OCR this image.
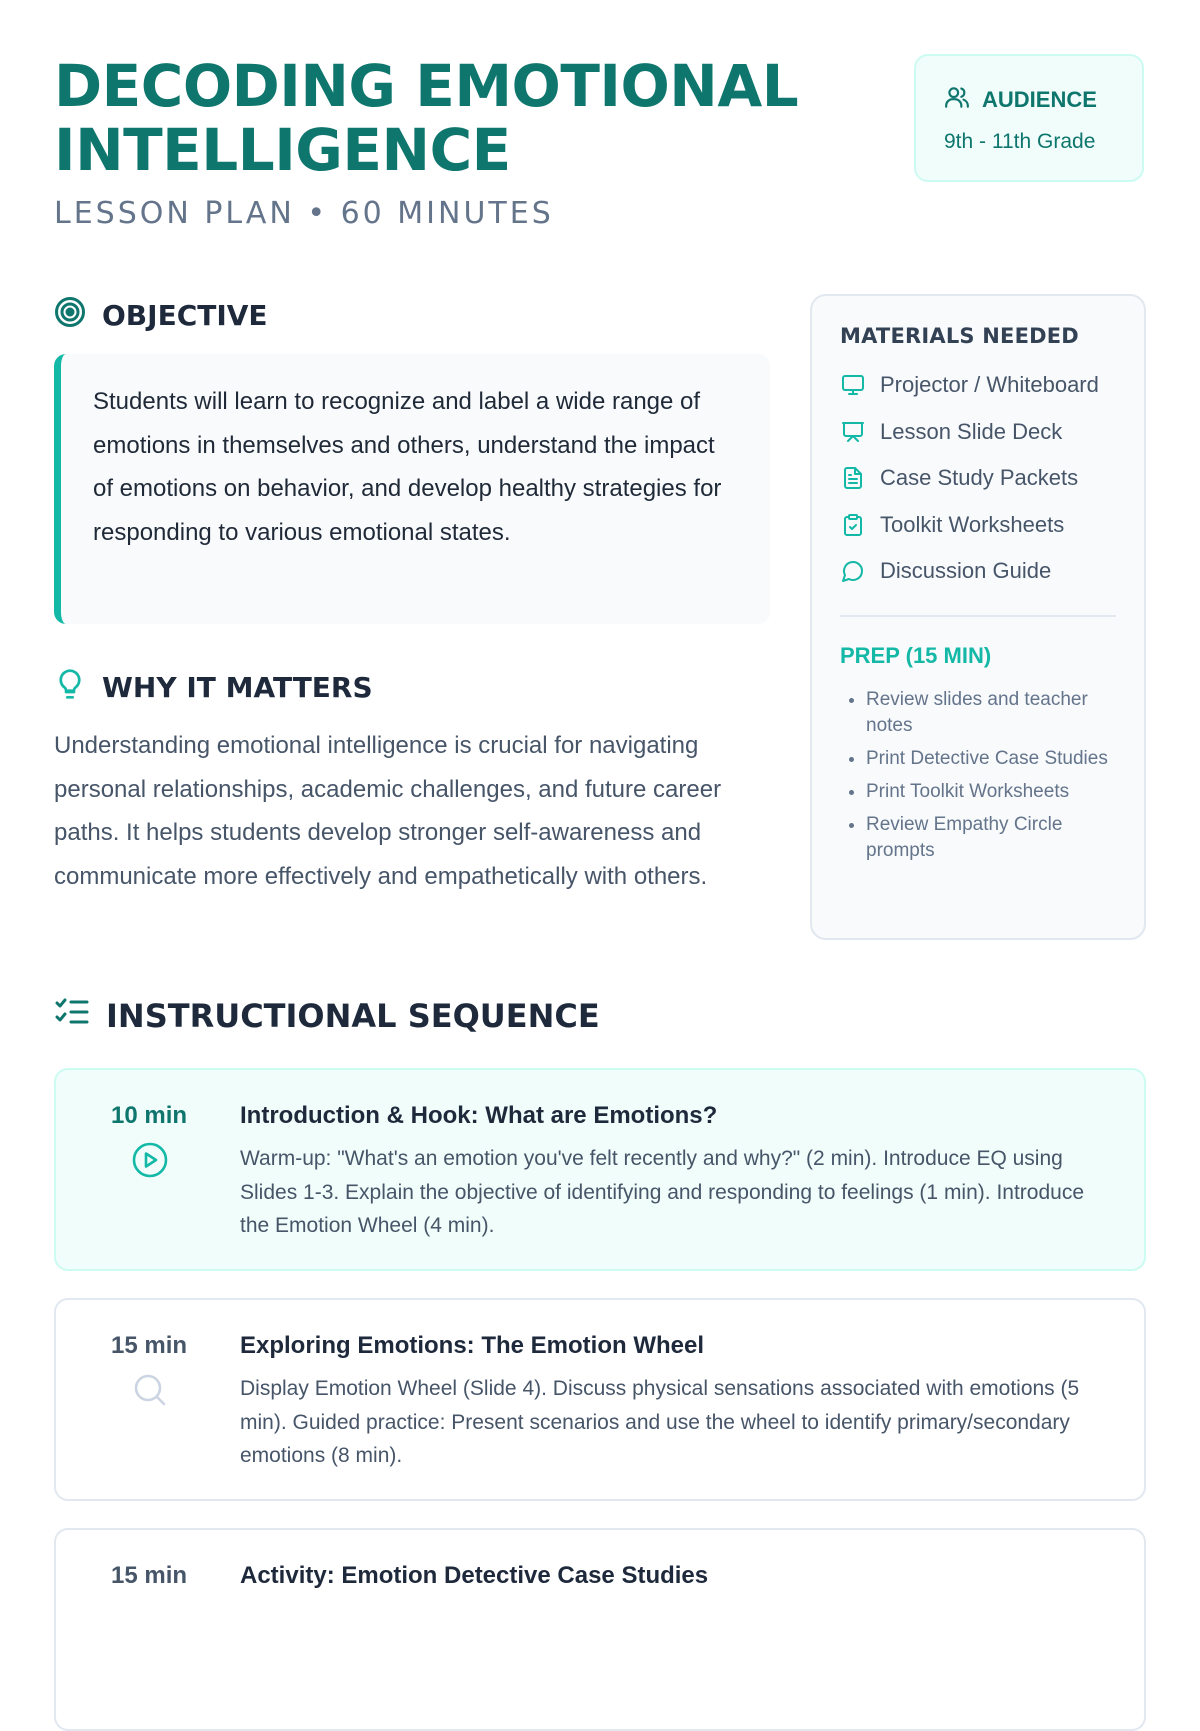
DECODING EMOTIONAL INTELLIGENCE
LESSON PLAN • 60 MINUTES
AUDIENCE
9th - 11th Grade
OBJECTIVE
Students will learn to recognize and label a wide range of emotions in themselves and others, understand the impact of emotions on behavior, and develop healthy strategies for responding to various emotional states.
WHY IT MATTERS
Understanding emotional intelligence is crucial for navigating personal relationships, academic challenges, and future career paths. It helps students develop stronger self-awareness and communicate more effectively and empathetically with others.
MATERIALS NEEDED
Projector / Whiteboard
Lesson Slide Deck
Case Study Packets
Toolkit Worksheets
Discussion Guide
PREP (15 MIN)
• Review slides and teacher notes
• Print Detective Case Studies
• Print Toolkit Worksheets
• Review Empathy Circle prompts
INSTRUCTIONAL SEQUENCE
10 min	Introduction & Hook: What are Emotions?
Warm-up: "What's an emotion you've felt recently and why?" (2 min). Introduce EQ using Slides 1-3. Explain the objective of identifying and responding to feelings (1 min). Introduce the Emotion Wheel (4 min).
15 min	Exploring Emotions: The Emotion Wheel
Display Emotion Wheel (Slide 4). Discuss physical sensations associated with emotions (5 min). Guided practice: Present scenarios and use the wheel to identify primary/secondary emotions (8 min).
15 min	Activity: Emotion Detective Case Studies
